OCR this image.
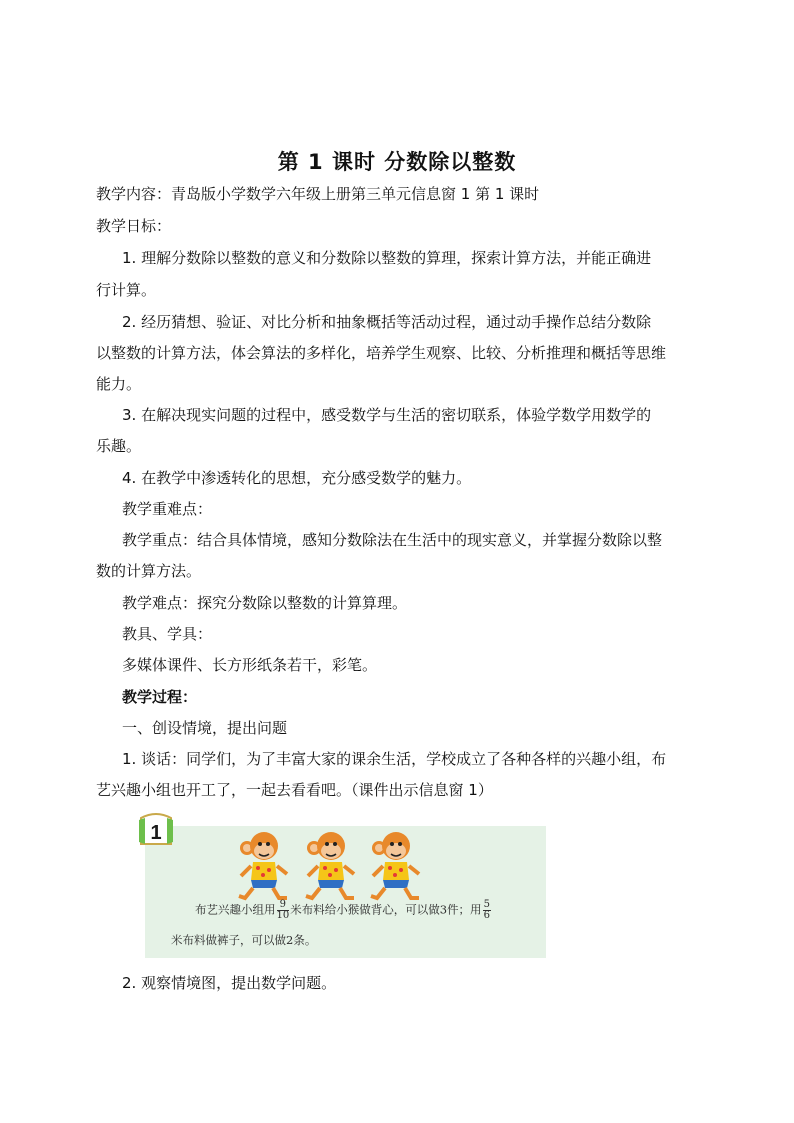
第 1 课时 分数除以整数
教学内容：青岛版小学数学六年级上册第三单元信息窗 1 第 1 课时
教学日标：
1. 理解分数除以整数的意义和分数除以整数的算理，探索计算方法，并能正确进
行计算。
2. 经历猜想、验证、对比分析和抽象概括等活动过程，通过动手操作总结分数除
以整数的计算方法，体会算法的多样化，培养学生观察、比较、分析推理和概括等思维
能力。
3. 在解决现实问题的过程中，感受数学与生活的密切联系，体验学数学用数学的
乐趣。
4. 在教学中渗透转化的思想，充分感受数学的魅力。
教学重难点：
教学重点：结合具体情境，感知分数除法在生活中的现实意义，并掌握分数除以整
数的计算方法。
教学难点：探究分数除以整数的计算算理。
教具、学具：
多媒体课件、长方形纸条若干，彩笔。
教学过程：
一、创设情境，提出问题
1. 谈话：同学们，为了丰富大家的课余生活，学校成立了各种各样的兴趣小组，布
艺兴趣小组也开工了，一起去看看吧。（课件出示信息窗 1）
1
布艺兴趣小组用 $\frac{9}{10}$ 米布料给小猴做背心，可以做3件；用 $\frac{5}{6}$
米布料做裤子，可以做2条。
2. 观察情境图，提出数学问题。
